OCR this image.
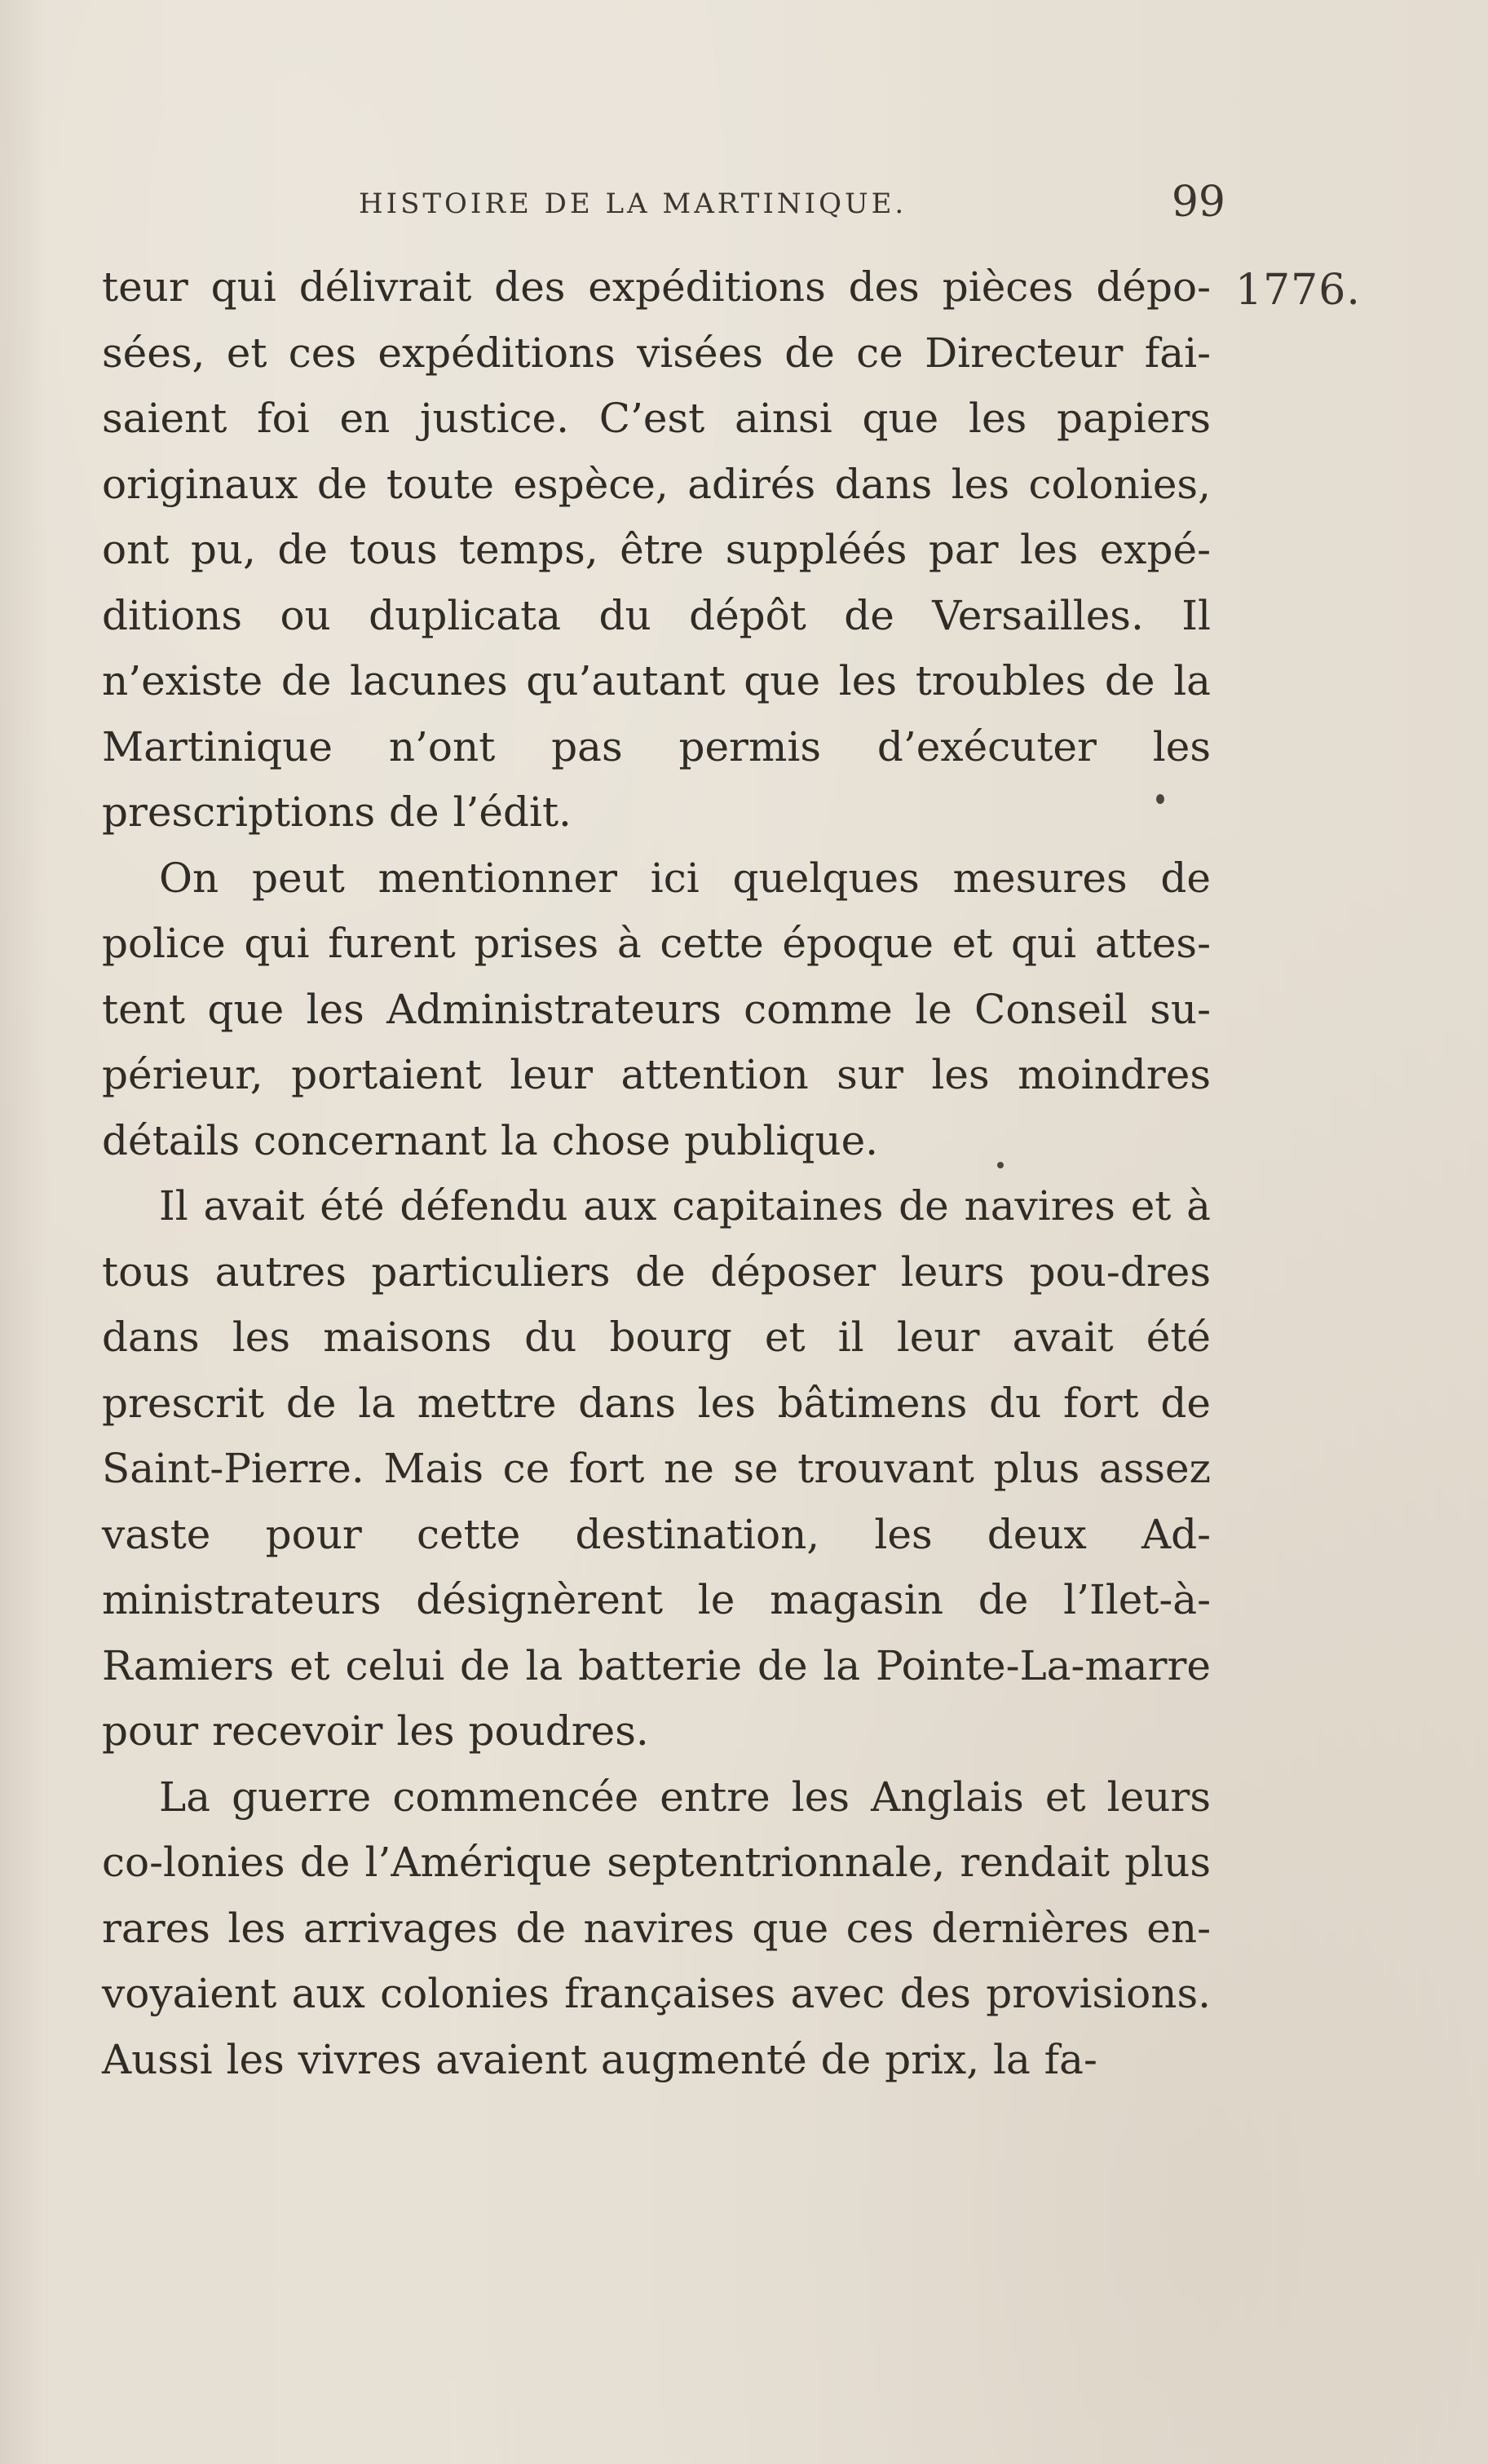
HISTOIRE DE LA MARTINIQUE.	99
1776.

teur qui délivrait des expéditions des pièces dépo-sées, et ces expéditions visées de ce Directeur fai-saient foi en justice. C’est ainsi que les papiers originaux de toute espèce, adirés dans les colonies, ont pu, de tous temps, être suppléés par les expé-ditions ou duplicata du dépôt de Versailles. Il n’existe de lacunes qu’autant que les troubles de la Martinique n’ont pas permis d’exécuter les prescriptions de l’édit.

On peut mentionner ici quelques mesures de police qui furent prises à cette époque et qui attes-tent que les Administrateurs comme le Conseil su-périeur, portaient leur attention sur les moindres détails concernant la chose publique.

Il avait été défendu aux capitaines de navires et à tous autres particuliers de déposer leurs pou-dres dans les maisons du bourg et il leur avait été prescrit de la mettre dans les bâtimens du fort de Saint-Pierre. Mais ce fort ne se trouvant plus assez vaste pour cette destination, les deux Ad-ministrateurs désignèrent le magasin de l’Ilet-à-Ramiers et celui de la batterie de la Pointe-La-marre pour recevoir les poudres.

La guerre commencée entre les Anglais et leurs co-lonies de l’Amérique septentrionnale, rendait plus rares les arrivages de navires que ces dernières en-voyaient aux colonies françaises avec des provisions. Aussi les vivres avaient augmenté de prix, la fa-
